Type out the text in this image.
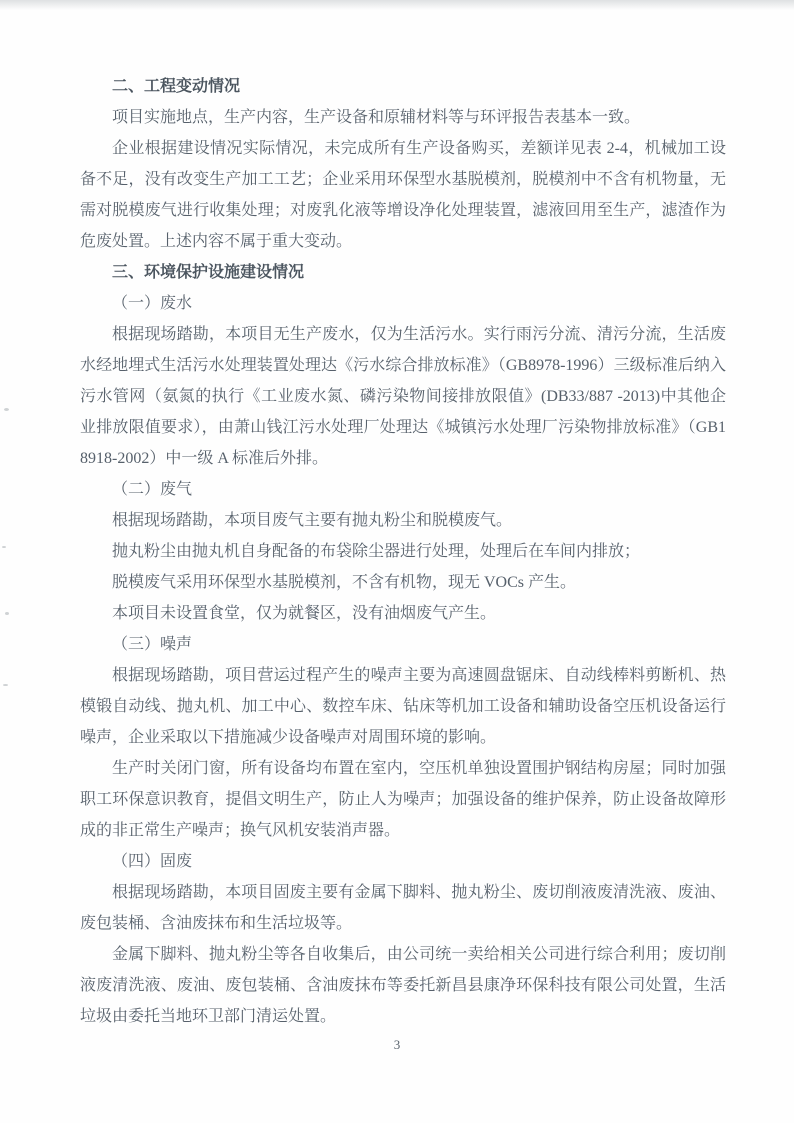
二、工程变动情况

项目实施地点，生产内容，生产设备和原辅材料等与环评报告表基本一致。

企业根据建设情况实际情况，未完成所有生产设备购买，差额详见表 2-4，机械加工设备不足，没有改变生产加工工艺；企业采用环保型水基脱模剂，脱模剂中不含有机物量，无需对脱模废气进行收集处理；对废乳化液等增设净化处理装置，滤液回用至生产，滤渣作为危废处置。上述内容不属于重大变动。

三、环境保护设施建设情况

（一）废水

根据现场踏勘，本项目无生产废水，仅为生活污水。实行雨污分流、清污分流，生活废水经地埋式生活污水处理装置处理达《污水综合排放标准》（GB8978-1996）三级标准后纳入污水管网（氨氮的执行《工业废水氮、磷污染物间接排放限值》(DB33/887 -2013)中其他企业排放限值要求），由萧山钱江污水处理厂处理达《城镇污水处理厂污染物排放标准》（GB18918-2002）中一级 A 标准后外排。

（二）废气

根据现场踏勘，本项目废气主要有抛丸粉尘和脱模废气。

抛丸粉尘由抛丸机自身配备的布袋除尘器进行处理，处理后在车间内排放；

脱模废气采用环保型水基脱模剂，不含有机物，现无 VOCs 产生。

本项目未设置食堂，仅为就餐区，没有油烟废气产生。

（三）噪声

根据现场踏勘，项目营运过程产生的噪声主要为高速圆盘锯床、自动线棒料剪断机、热模锻自动线、抛丸机、加工中心、数控车床、钻床等机加工设备和辅助设备空压机设备运行噪声，企业采取以下措施减少设备噪声对周围环境的影响。

生产时关闭门窗，所有设备均布置在室内，空压机单独设置围护钢结构房屋；同时加强职工环保意识教育，提倡文明生产，防止人为噪声；加强设备的维护保养，防止设备故障形成的非正常生产噪声；换气风机安装消声器。

（四）固废

根据现场踏勘，本项目固废主要有金属下脚料、抛丸粉尘、废切削液废清洗液、废油、废包装桶、含油废抹布和生活垃圾等。

金属下脚料、抛丸粉尘等各自收集后，由公司统一卖给相关公司进行综合利用；废切削液废清洗液、废油、废包装桶、含油废抹布等委托新昌县康净环保科技有限公司处置，生活垃圾由委托当地环卫部门清运处置。

3
